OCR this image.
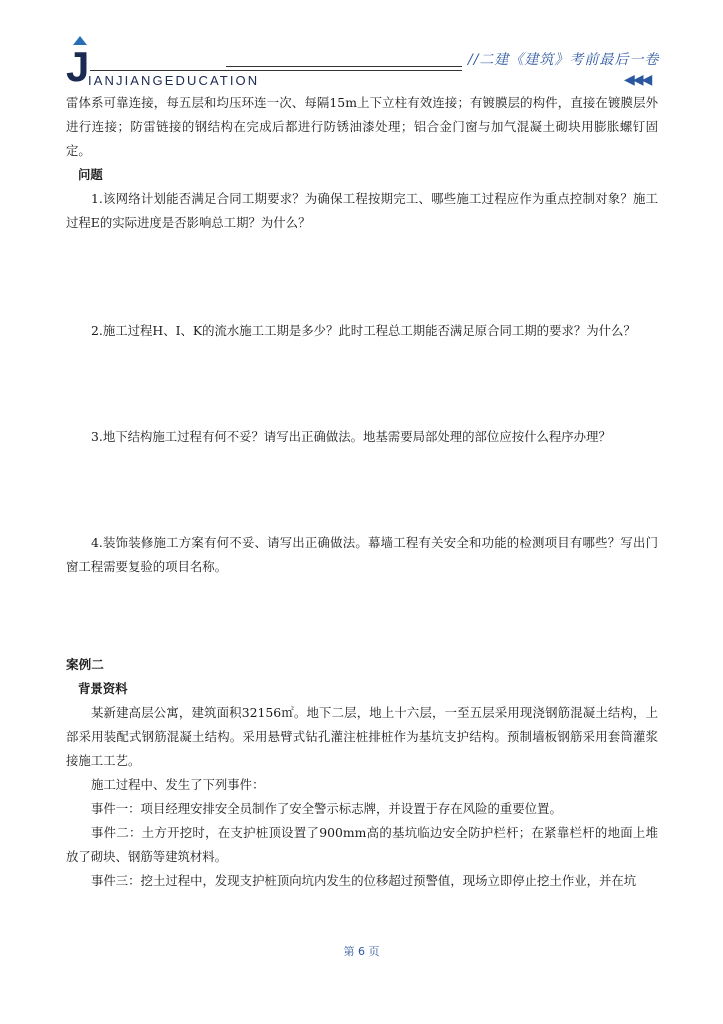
J	//二建《建筑》考前最后一卷
IANJIANGEDUCATION	◀◀◀

雷体系可靠连接，每五层和均压环连一次、每隔15m上下立柱有效连接；有镀膜层的构件，直接在镀膜层外进行连接；防雷链接的钢结构在完成后都进行防锈油漆处理；铝合金门窗与加气混凝土砌块用膨胀螺钉固定。

问题

1.该网络计划能否满足合同工期要求？为确保工程按期完工、哪些施工过程应作为重点控制对象？施工过程E的实际进度是否影响总工期？为什么？

2.施工过程H、I、K的流水施工工期是多少？此时工程总工期能否满足原合同工期的要求？为什么？

3.地下结构施工过程有何不妥？请写出正确做法。地基需要局部处理的部位应按什么程序办理？

4.装饰装修施工方案有何不妥、请写出正确做法。幕墙工程有关安全和功能的检测项目有哪些？写出门窗工程需要复验的项目名称。

案例二

背景资料

某新建高层公寓，建筑面积32156㎡。地下二层，地上十六层，一至五层采用现浇钢筋混凝土结构，上部采用装配式钢筋混凝土结构。采用悬臂式钻孔灌注桩排桩作为基坑支护结构。预制墙板钢筋采用套筒灌浆接施工工艺。

施工过程中、发生了下列事件：

事件一：项目经理安排安全员制作了安全警示标志牌，并设置于存在风险的重要位置。

事件二：土方开挖时，在支护桩顶设置了900mm高的基坑临边安全防护栏杆；在紧靠栏杆的地面上堆放了砌块、钢筋等建筑材料。

事件三：挖土过程中，发现支护桩顶向坑内发生的位移超过预警值，现场立即停止挖土作业，并在坑

第 6 页
